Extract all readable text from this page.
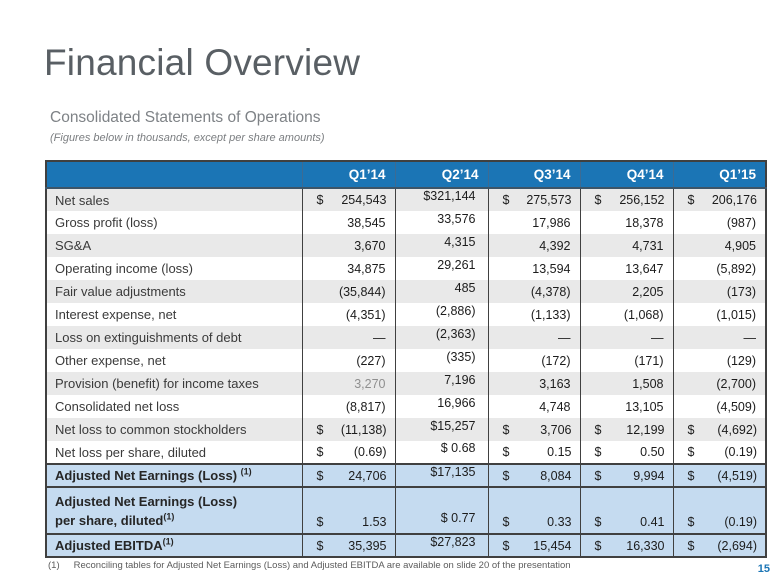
Financial Overview
Consolidated Statements of Operations
(Figures below in thousands, except per share amounts)
	Q1’14	Q2’14	Q3’14	Q4’14	Q1’15
Net sales	$ 254,543	$321,144	$ 275,573	$ 256,152	$ 206,176

Gross profit (loss)	38,545	33,576	17,986	18,378	(987)

SG&A	3,670	4,315	4,392	4,731	4,905

Operating income (loss)	34,875	29,261	13,594	13,647	(5,892)

Fair value adjustments	(35,844)	485	(4,378)	2,205	(173)

Interest expense, net	(4,351)	(2,886)	(1,133)	(1,068)	(1,015)

Loss on extinguishments of debt	—	(2,363)	—	—	—

Other expense, net	(227)	(335)	(172)	(171)	(129)

Provision (benefit) for income taxes	3,270	7,196	3,163	1,508	(2,700)

Consolidated net loss	(8,817)	16,966	4,748	13,105	(4,509)

Net loss to common stockholders	$ (11,138)	$15,257	$ 3,706	$ 12,199	$ (4,692)

Net loss per share, diluted	$ (0.69)	$ 0.68	$ 0.15	$ 0.50	$ (0.19)

Adjusted Net Earnings (Loss) $^{(1)}$	$ 24,706	$17,135	$ 8,084	$ 9,994	$ (4,519)

Adjusted Net Earnings (Loss)
per share, diluted$^{(1)}$	$ 1.53	$ 0.77	$ 0.33	$ 0.41	$ (0.19)

Adjusted EBITDA$^{(1)}$	$ 35,395	$27,823	$ 15,454	$ 16,330	$ (2,694)
(1) Reconciling tables for Adjusted Net Earnings (Loss) and Adjusted EBITDA are available on slide 20 of the presentation	15
